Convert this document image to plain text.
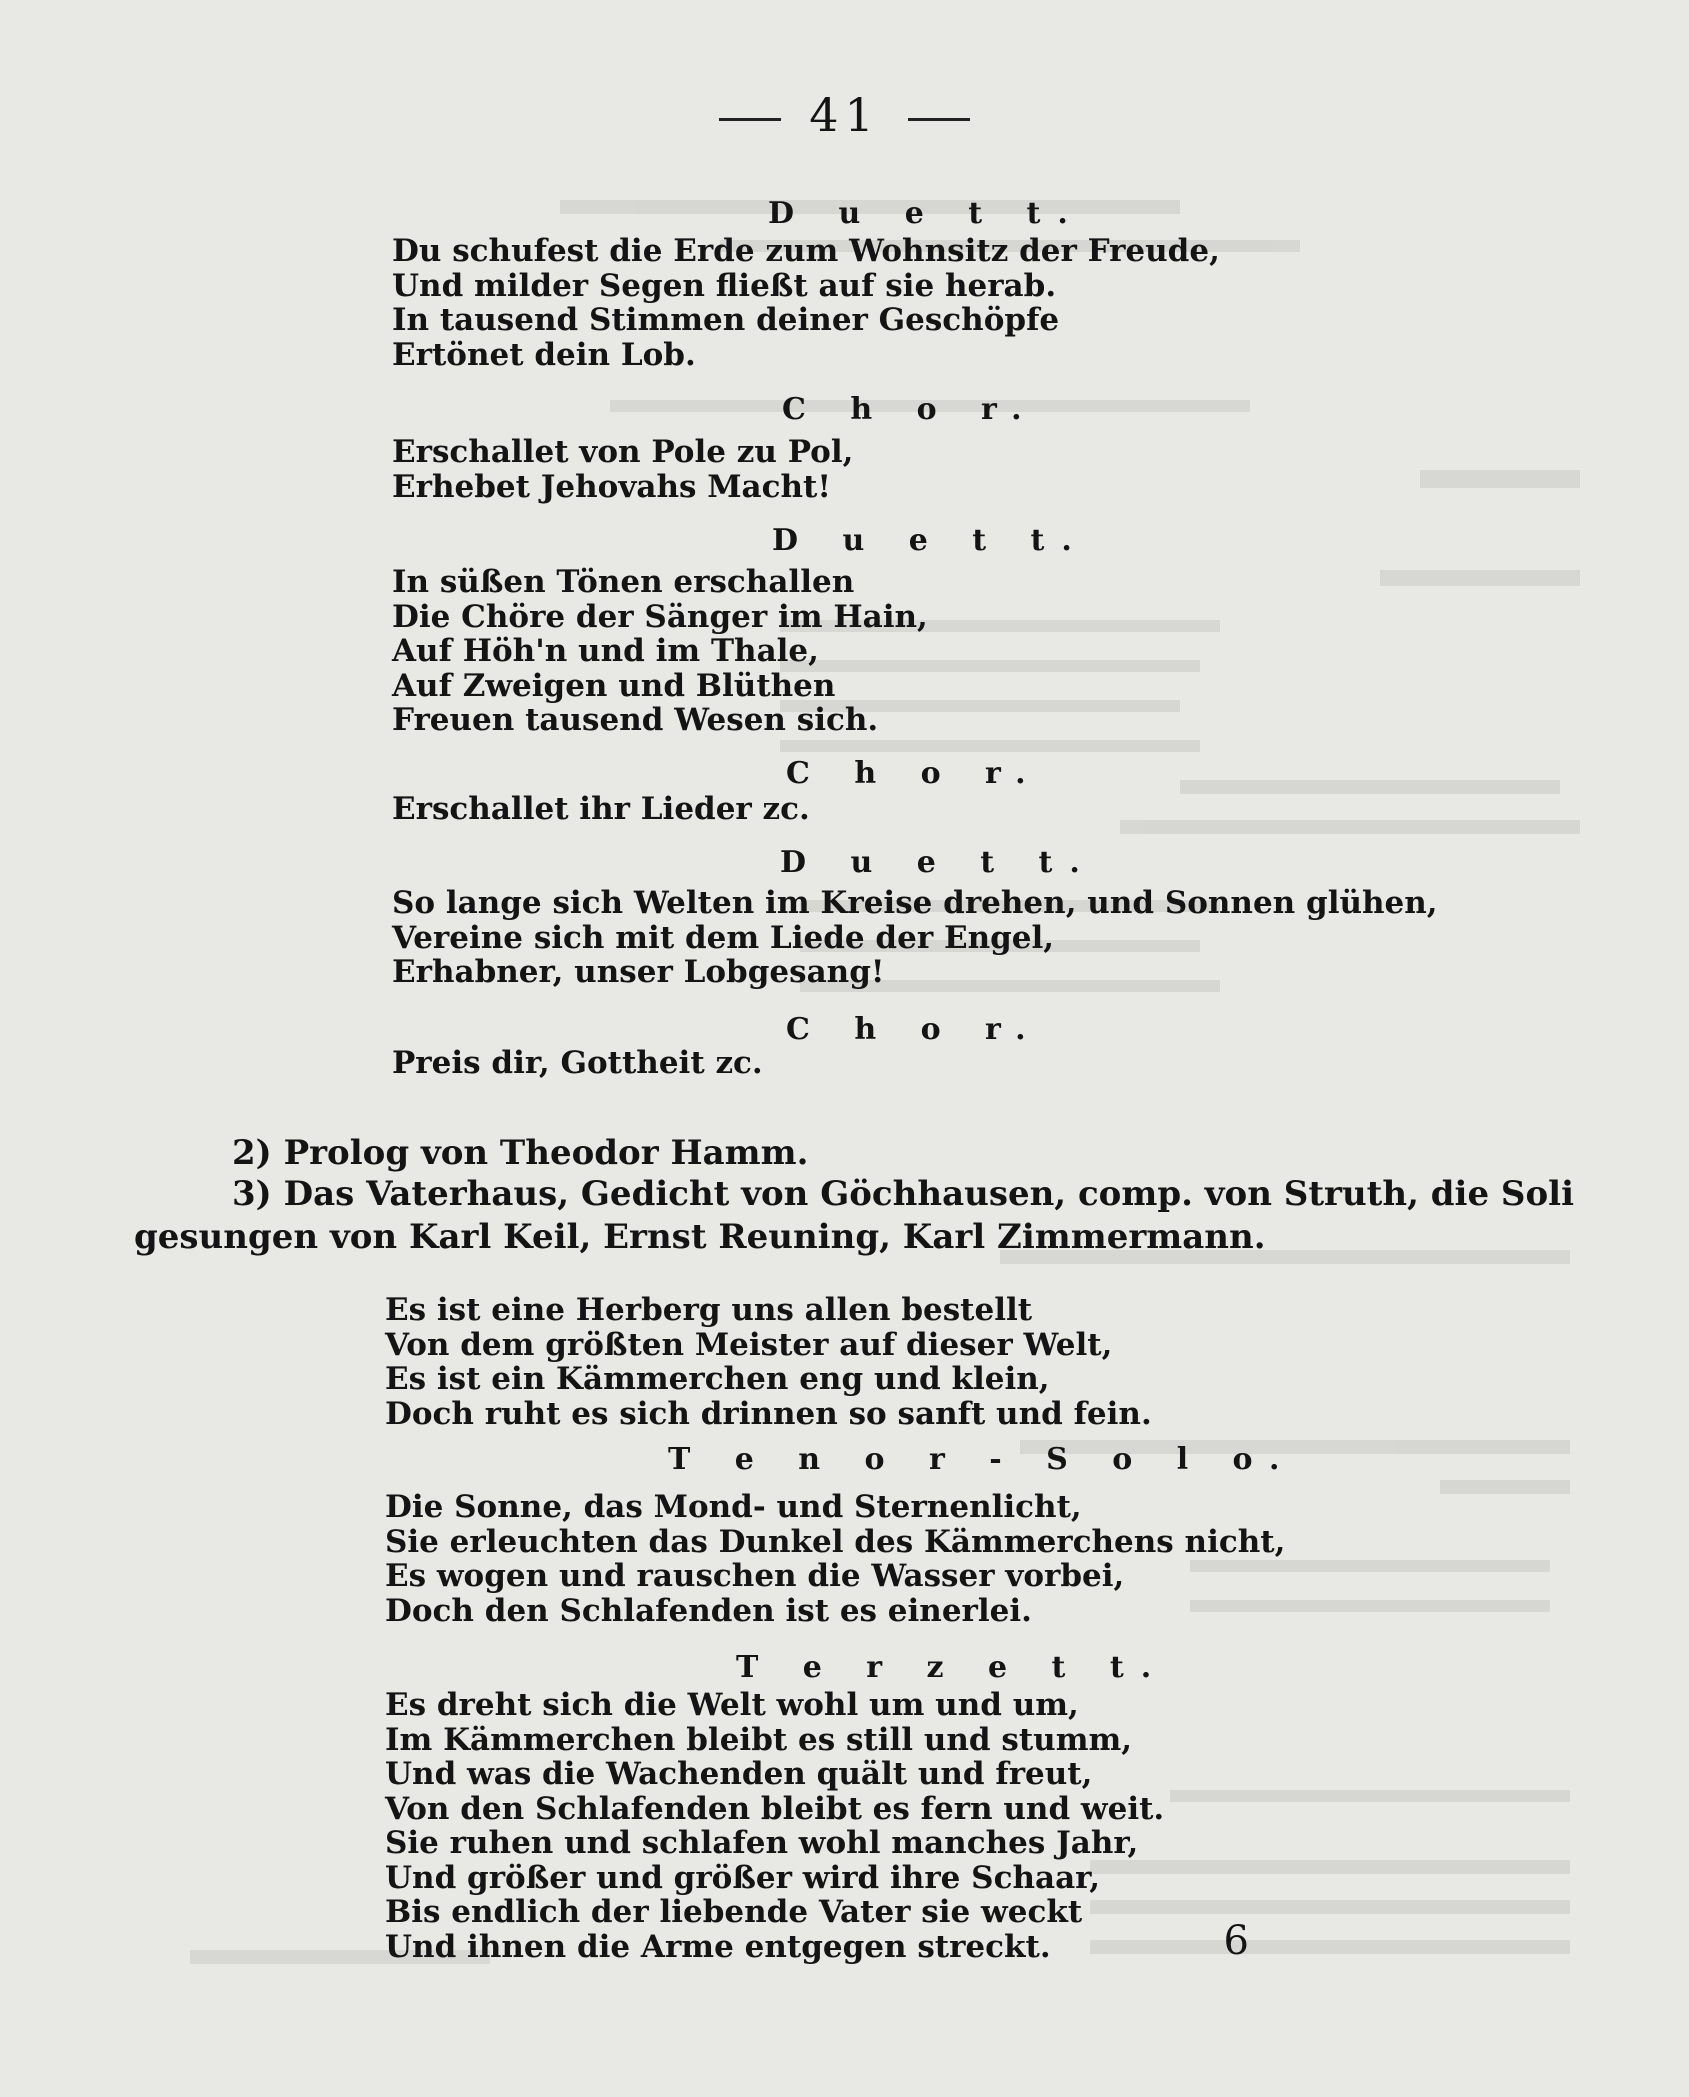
41
D u e t t.
Du schufest die Erde zum Wohnsitz der Freude,
Und milder Segen fließt auf sie herab.
In tausend Stimmen deiner Geschöpfe
Ertönet dein Lob.
C h o r.
Erschallet von Pole zu Pol,
Erhebet Jehovahs Macht!
D u e t t.
In süßen Tönen erschallen
Die Chöre der Sänger im Hain,
Auf Höh'n und im Thale,
Auf Zweigen und Blüthen
Freuen tausend Wesen sich.
C h o r.
Erschallet ihr Lieder zc.
D u e t t.
So lange sich Welten im Kreise drehen, und Sonnen glühen,
Vereine sich mit dem Liede der Engel,
Erhabner, unser Lobgesang!
C h o r.
Preis dir, Gottheit zc.
2) Prolog von Theodor Hamm.
3) Das Vaterhaus, Gedicht von Göchhausen, comp. von Struth, die Soli
gesungen von Karl Keil, Ernst Reuning, Karl Zimmermann.
Es ist eine Herberg uns allen bestellt
Von dem größten Meister auf dieser Welt,
Es ist ein Kämmerchen eng und klein,
Doch ruht es sich drinnen so sanft und fein.
T e n o r - S o l o.
Die Sonne, das Mond- und Sternenlicht,
Sie erleuchten das Dunkel des Kämmerchens nicht,
Es wogen und rauschen die Wasser vorbei,
Doch den Schlafenden ist es einerlei.
T e r z e t t.
Es dreht sich die Welt wohl um und um,
Im Kämmerchen bleibt es still und stumm,
Und was die Wachenden quält und freut,
Von den Schlafenden bleibt es fern und weit.
Sie ruhen und schlafen wohl manches Jahr,
Und größer und größer wird ihre Schaar,
Bis endlich der liebende Vater sie weckt
Und ihnen die Arme entgegen streckt.	6
